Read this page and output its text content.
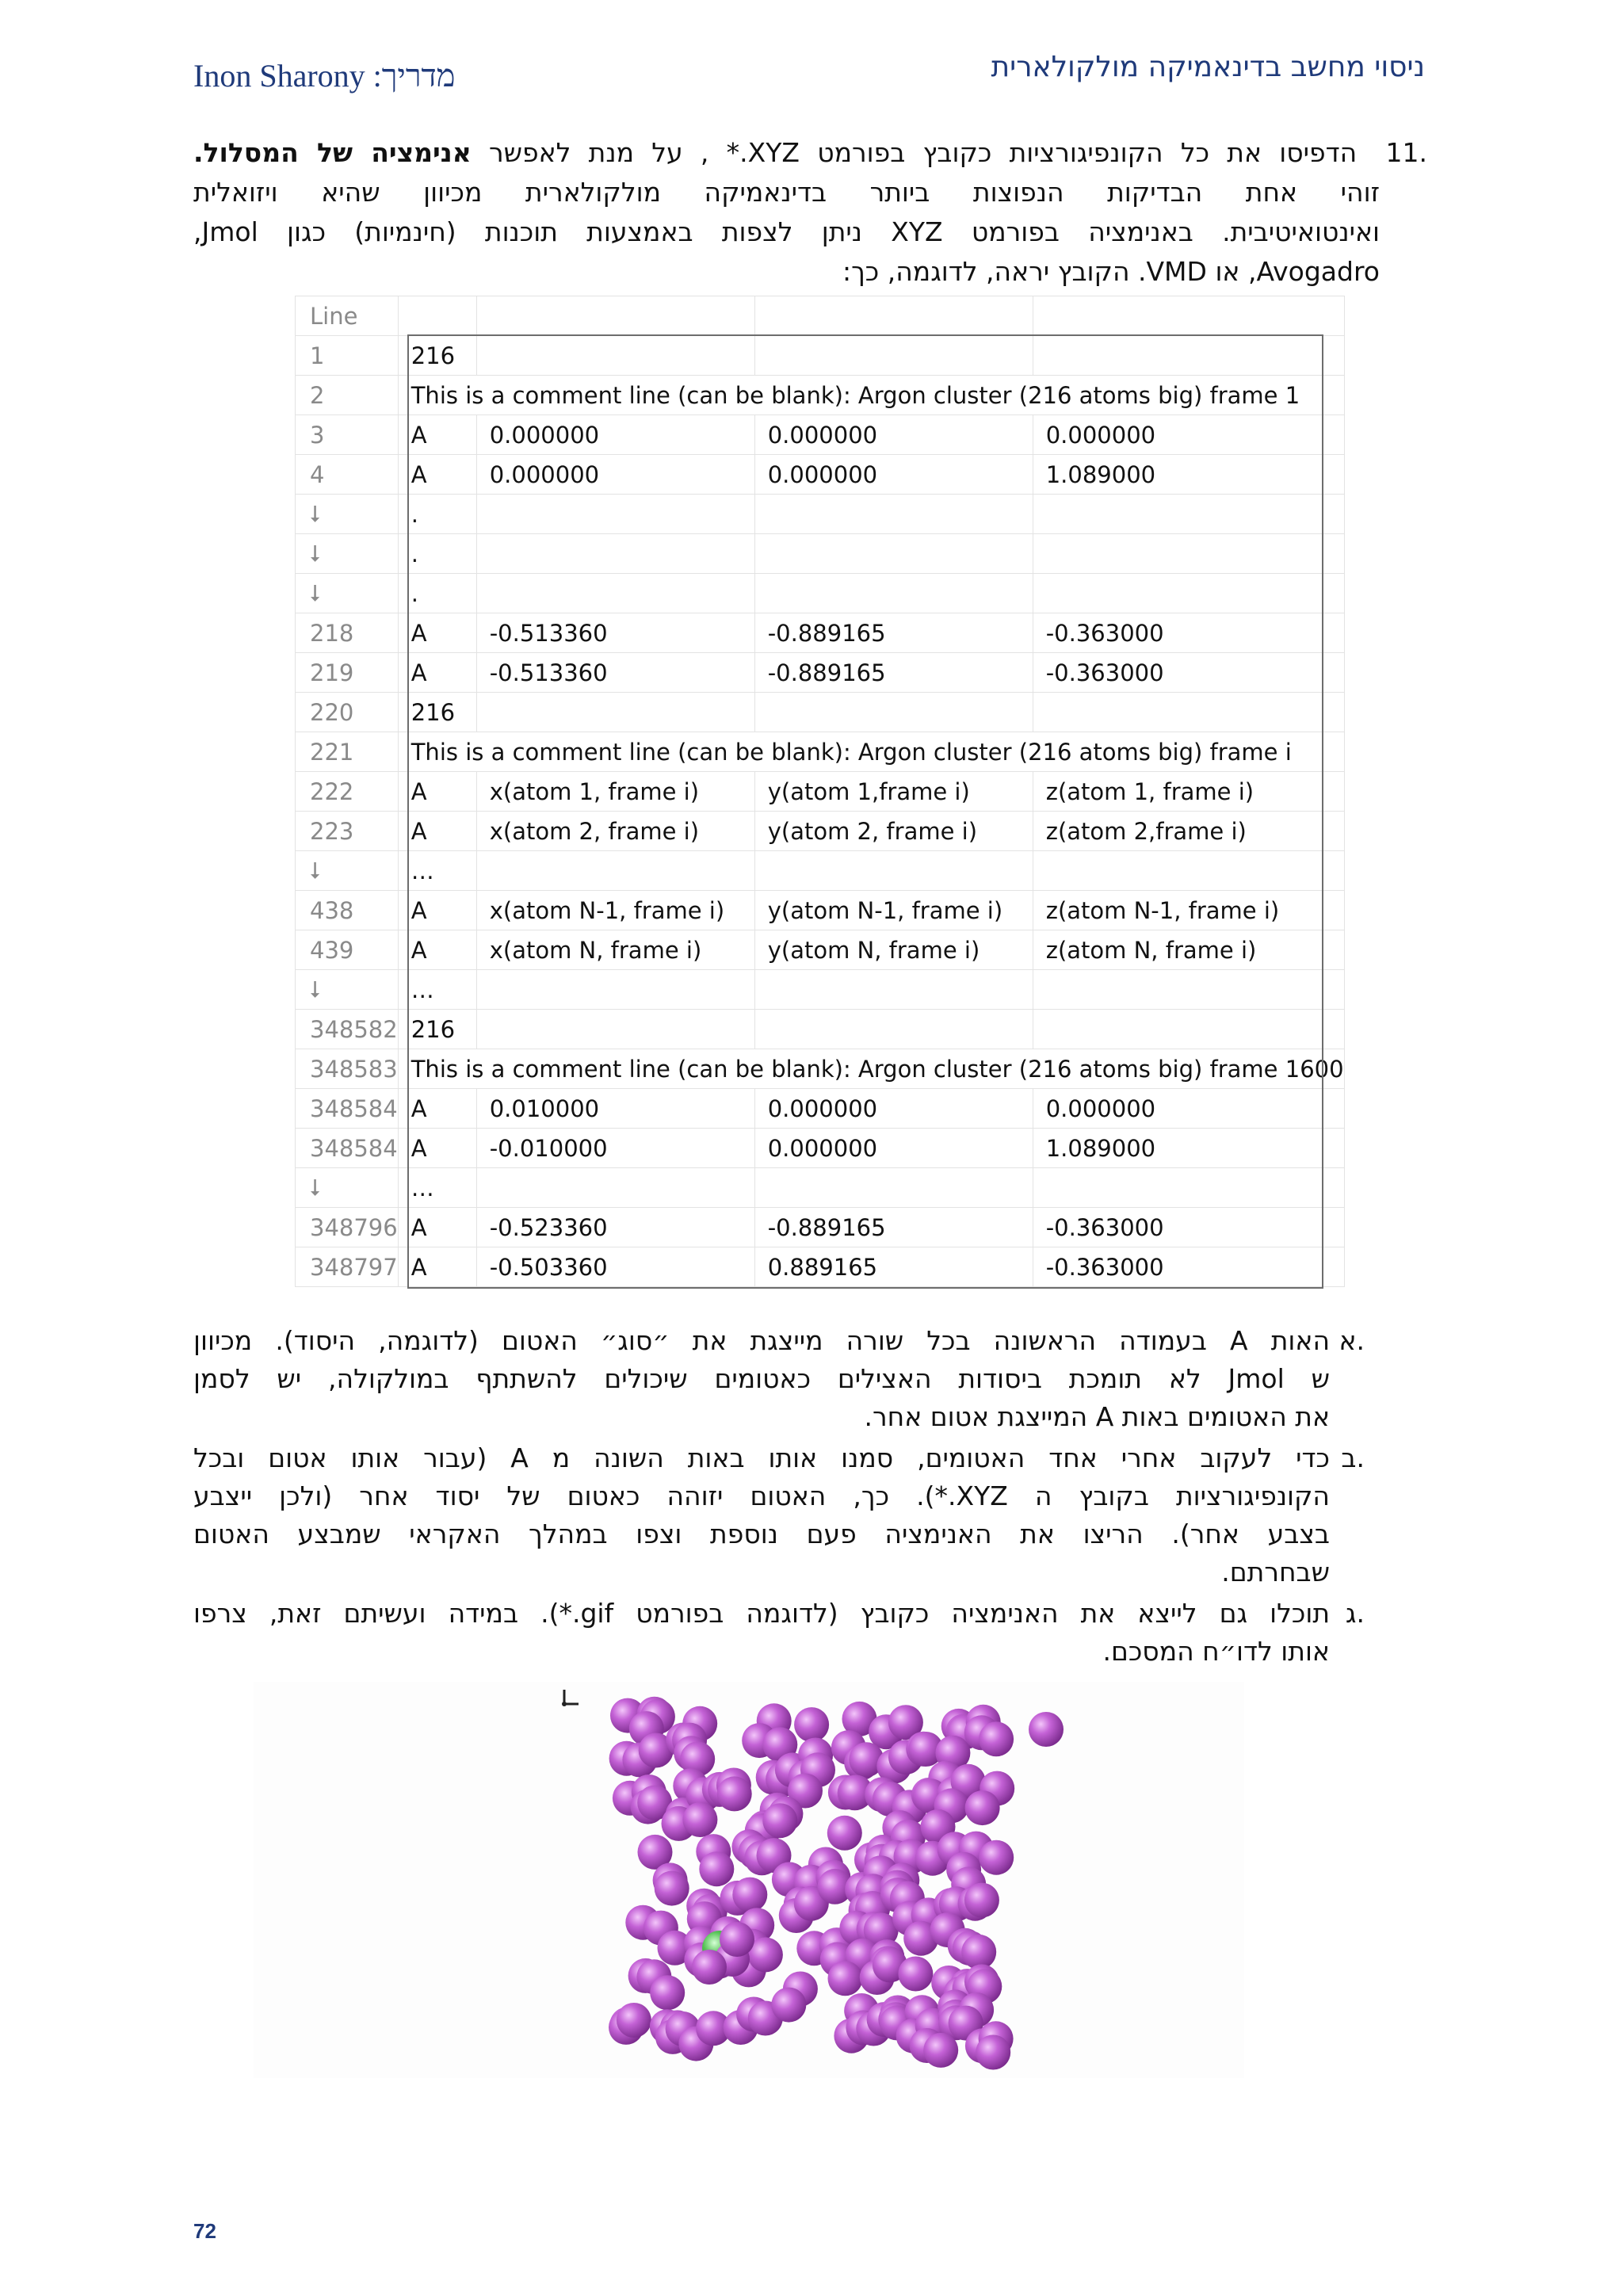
Inon Sharony :מדריך	ניסוי מחשב בדינאמיקה מולקולארית
.11 הדפיסו את כל הקונפיגורציות כקובץ בפורמט ‎*.XYZ‎ , על מנת לאפשר אנימציה של המסלול.
זוהי אחת הבדיקות הנפוצות ביותר בדינאמיקה מולקולארית מכיוון שהיא ויזואלית
ואינטואיטיבית. באנימציה בפורמט XYZ ניתן לצפות באמצעות תוכנות (חינמיות) כגון Jmol,
Avogadro, או VMD. הקובץ יראה, לדוגמה, כך:
Line				
1	216			
2	This is a comment line (can be blank): Argon cluster (216 atoms big) frame 1			
3	A	0.000000	0.000000	0.000000
4	A	0.000000	0.000000	1.089000
⭣	.			
⭣	.			
⭣	.			
218	A	-0.513360	-0.889165	-0.363000
219	A	-0.513360	-0.889165	-0.363000
220	216			
221	This is a comment line (can be blank): Argon cluster (216 atoms big) frame i			
222	A	x(atom 1, frame i)	y(atom 1,frame i)	z(atom 1, frame i)
223	A	x(atom 2, frame i)	y(atom 2, frame i)	z(atom 2,frame i)
⭣	…			
438	A	x(atom N-1, frame i)	y(atom N-1, frame i)	z(atom N-1, frame i)
439	A	x(atom N, frame i)	y(atom N, frame i)	z(atom N, frame i)
⭣	…			
348582	216			
348583	This is a comment line (can be blank): Argon cluster (216 atoms big) frame 1600			
348584	A	0.010000	0.000000	0.000000
348584	A	-0.010000	0.000000	1.089000
⭣	…			
348796	A	-0.523360	-0.889165	-0.363000
348797	A	-0.503360	0.889165	-0.363000
.א
האות A בעמודה הראשונה בכל שורה מייצגת את ״סוג״ האטום (לדוגמה, היסוד). מכיוון
ש Jmol לא תומכת ביסודות האצילים כאטומים שיכולים להשתתף במולקולה, יש לסמן
את האטומים באות A המייצגת אטום אחר.
.ב
כדי לעקוב אחרי אחד האטומים, סמנו אותו באות השונה מ A (עבור אותו אטום ובכל
הקונפיגורציות בקובץ ה ‎*.XYZ‎). כך, האטום יזוהה כאטום של יסוד אחר (ולכן ייצבע
בצבע אחר). הריצו את האנימציה פעם נוספת וצפו במהלך האקראי שמבצע האטום
שבחרתם.
.ג
תוכלו גם לייצא את האנימציה כקובץ (לדוגמה בפורמט ‎*.gif‎). במידה ועשיתם זאת, צרפו
אותו לדו״ח המסכם.
72
